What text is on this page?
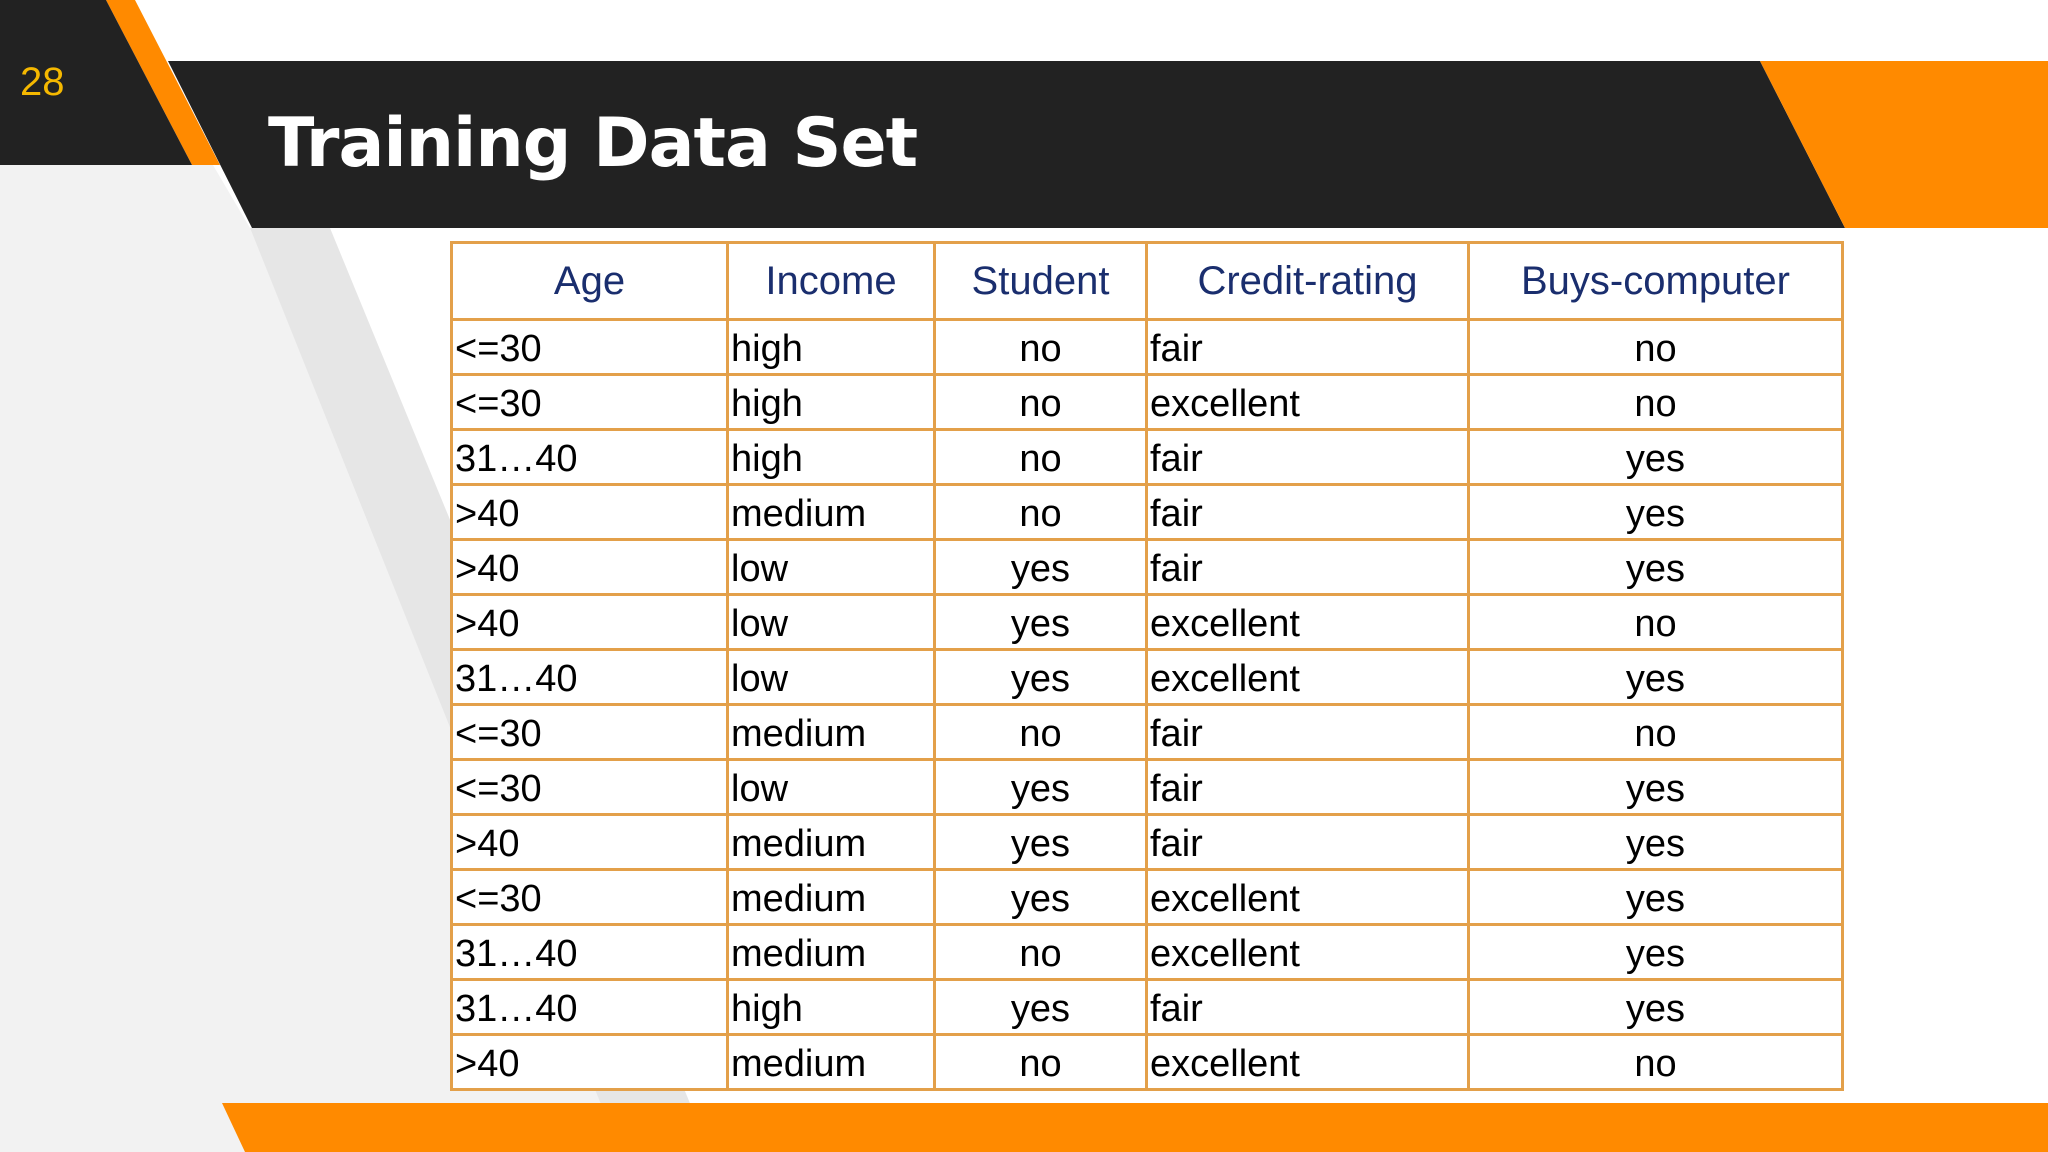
28
Training Data Set
Age	Income	Student	Credit-rating	Buys-computer
<=30	high	no	fair	no
<=30	high	no	excellent	no
31…40	high	no	fair	yes
>40	medium	no	fair	yes
>40	low	yes	fair	yes
>40	low	yes	excellent	no
31…40	low	yes	excellent	yes
<=30	medium	no	fair	no
<=30	low	yes	fair	yes
>40	medium	yes	fair	yes
<=30	medium	yes	excellent	yes
31…40	medium	no	excellent	yes
31…40	high	yes	fair	yes
>40	medium	no	excellent	no
